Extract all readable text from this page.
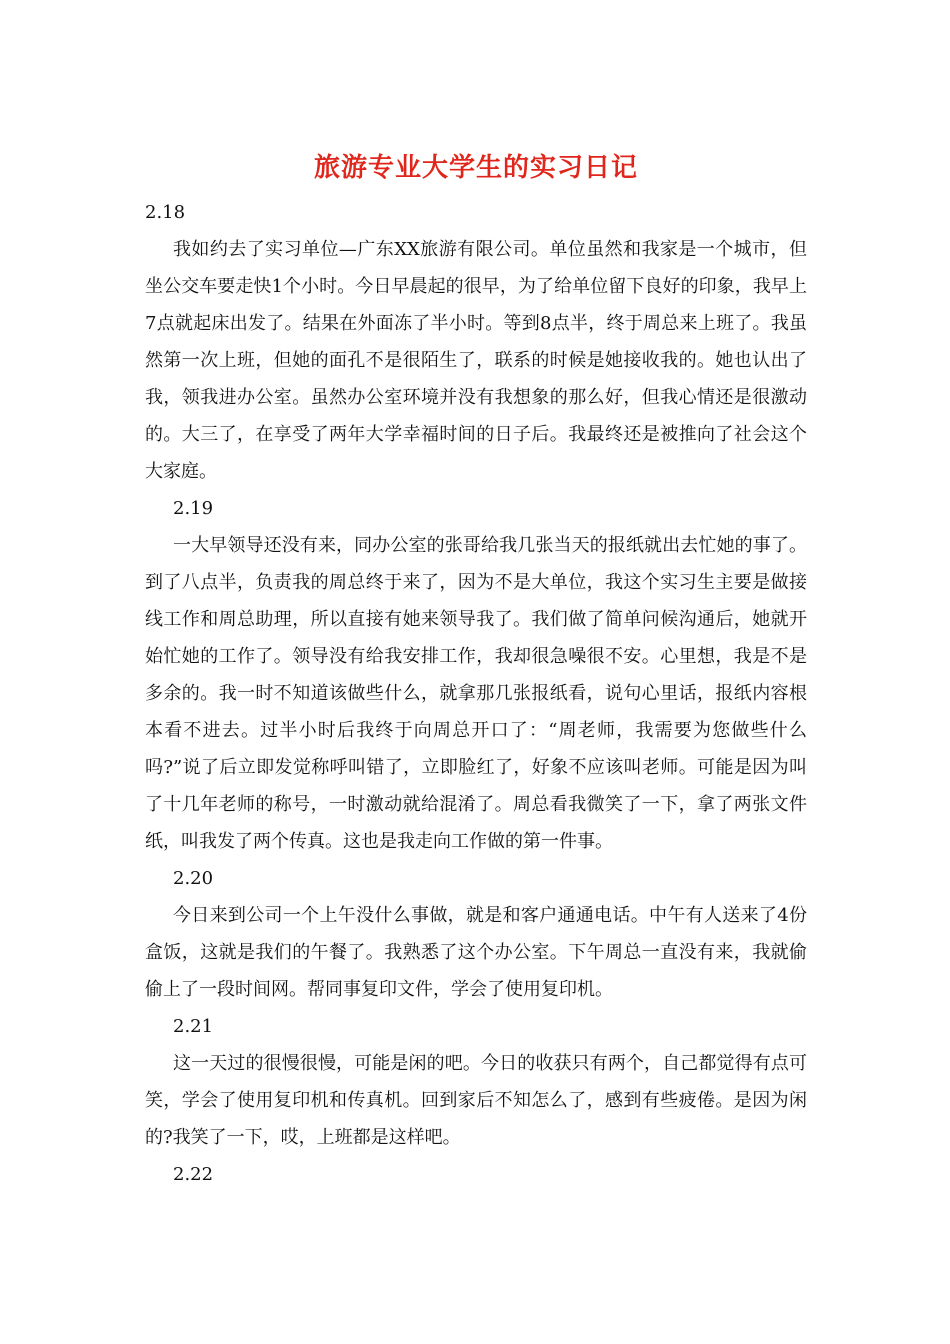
旅游专业大学生的实习日记

2.18

我如约去了实习单位—广东XX旅游有限公司。单位虽然和我家是一个城市，但坐公交车要走快1个小时。今日早晨起的很早，为了给单位留下良好的印象，我早上7点就起床出发了。结果在外面冻了半小时。等到8点半，终于周总来上班了。我虽然第一次上班，但她的面孔不是很陌生了，联系的时候是她接收我的。她也认出了我，领我进办公室。虽然办公室环境并没有我想象的那么好，但我心情还是很激动的。大三了，在享受了两年大学幸福时间的日子后。我最终还是被推向了社会这个大家庭。

2.19

一大早领导还没有来，同办公室的张哥给我几张当天的报纸就出去忙她的事了。到了八点半，负责我的周总终于来了，因为不是大单位，我这个实习生主要是做接线工作和周总助理，所以直接有她来领导我了。我们做了简单问候沟通后，她就开始忙她的工作了。领导没有给我安排工作，我却很急噪很不安。心里想，我是不是多余的。我一时不知道该做些什么，就拿那几张报纸看，说句心里话，报纸内容根本看不进去。过半小时后我终于向周总开口了：“周老师，我需要为您做些什么吗?”说了后立即发觉称呼叫错了，立即脸红了，好象不应该叫老师。可能是因为叫了十几年老师的称号，一时激动就给混淆了。周总看我微笑了一下，拿了两张文件纸，叫我发了两个传真。这也是我走向工作做的第一件事。

2.20

今日来到公司一个上午没什么事做，就是和客户通通电话。中午有人送来了4份盒饭，这就是我们的午餐了。我熟悉了这个办公室。下午周总一直没有来，我就偷偷上了一段时间网。帮同事复印文件，学会了使用复印机。

2.21

这一天过的很慢很慢，可能是闲的吧。今日的收获只有两个，自己都觉得有点可笑，学会了使用复印机和传真机。回到家后不知怎么了，感到有些疲倦。是因为闲的?我笑了一下，哎，上班都是这样吧。

2.22
